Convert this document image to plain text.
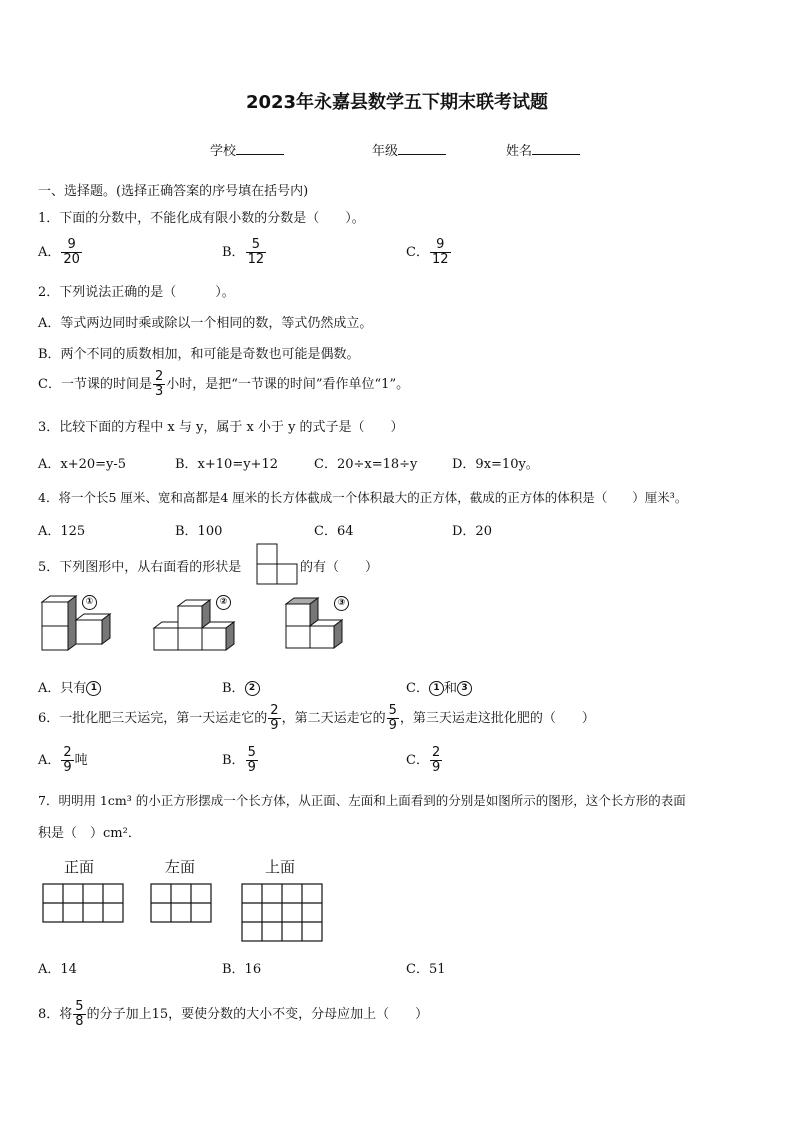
2023年永嘉县数学五下期末联考试题
学校	年级	姓名
一、选择题。(选择正确答案的序号填在括号内)
1．下面的分数中，不能化成有限小数的分数是（　　）。
A． $\frac{9}{20}$	B． $\frac{5}{12}$	C． $\frac{9}{12}$
2．下列说法正确的是（　　　）。
A．等式两边同时乘或除以一个相同的数，等式仍然成立。
B．两个不同的质数相加，和可能是奇数也可能是偶数。
C．一节课的时间是 $\frac{2}{3}$ 小时，是把“一节课的时间”看作单位“1”。
3．比较下面的方程中 x 与 y，属于 x 小于 y 的式子是（　　）
A．x+20=y-5	B．x+10=y+12	C．20÷x=18÷y	D．9x=10y。
4．将一个长5 厘米、宽和高都是4 厘米的长方体截成一个体积最大的正方体，截成的正方体的体积是（　　）厘米³。
A．125	B．100	C．64	D．20
5．下列图形中，从右面看的形状是	的有（　　）
①	②	③
A．只有 1	B． 2	C． 1 和 3
6．一批化肥三天运完，第一天运走它的 $\frac{2}{9}$ ，第二天运走它的 $\frac{5}{9}$ ，第三天运走这批化肥的（　　）
A． $\frac{2}{9}$ 吨	B． $\frac{5}{9}$	C． $\frac{2}{9}$
7．明明用 1cm³ 的小正方形摆成一个长方体，从正面、左面和上面看到的分别是如图所示的图形，这个长方形的表面
积是（　）cm²．
正面	左面	上面
A．14	B．16	C．51
8．将 $\frac{5}{8}$ 的分子加上15，要使分数的大小不变，分母应加上（　　）
